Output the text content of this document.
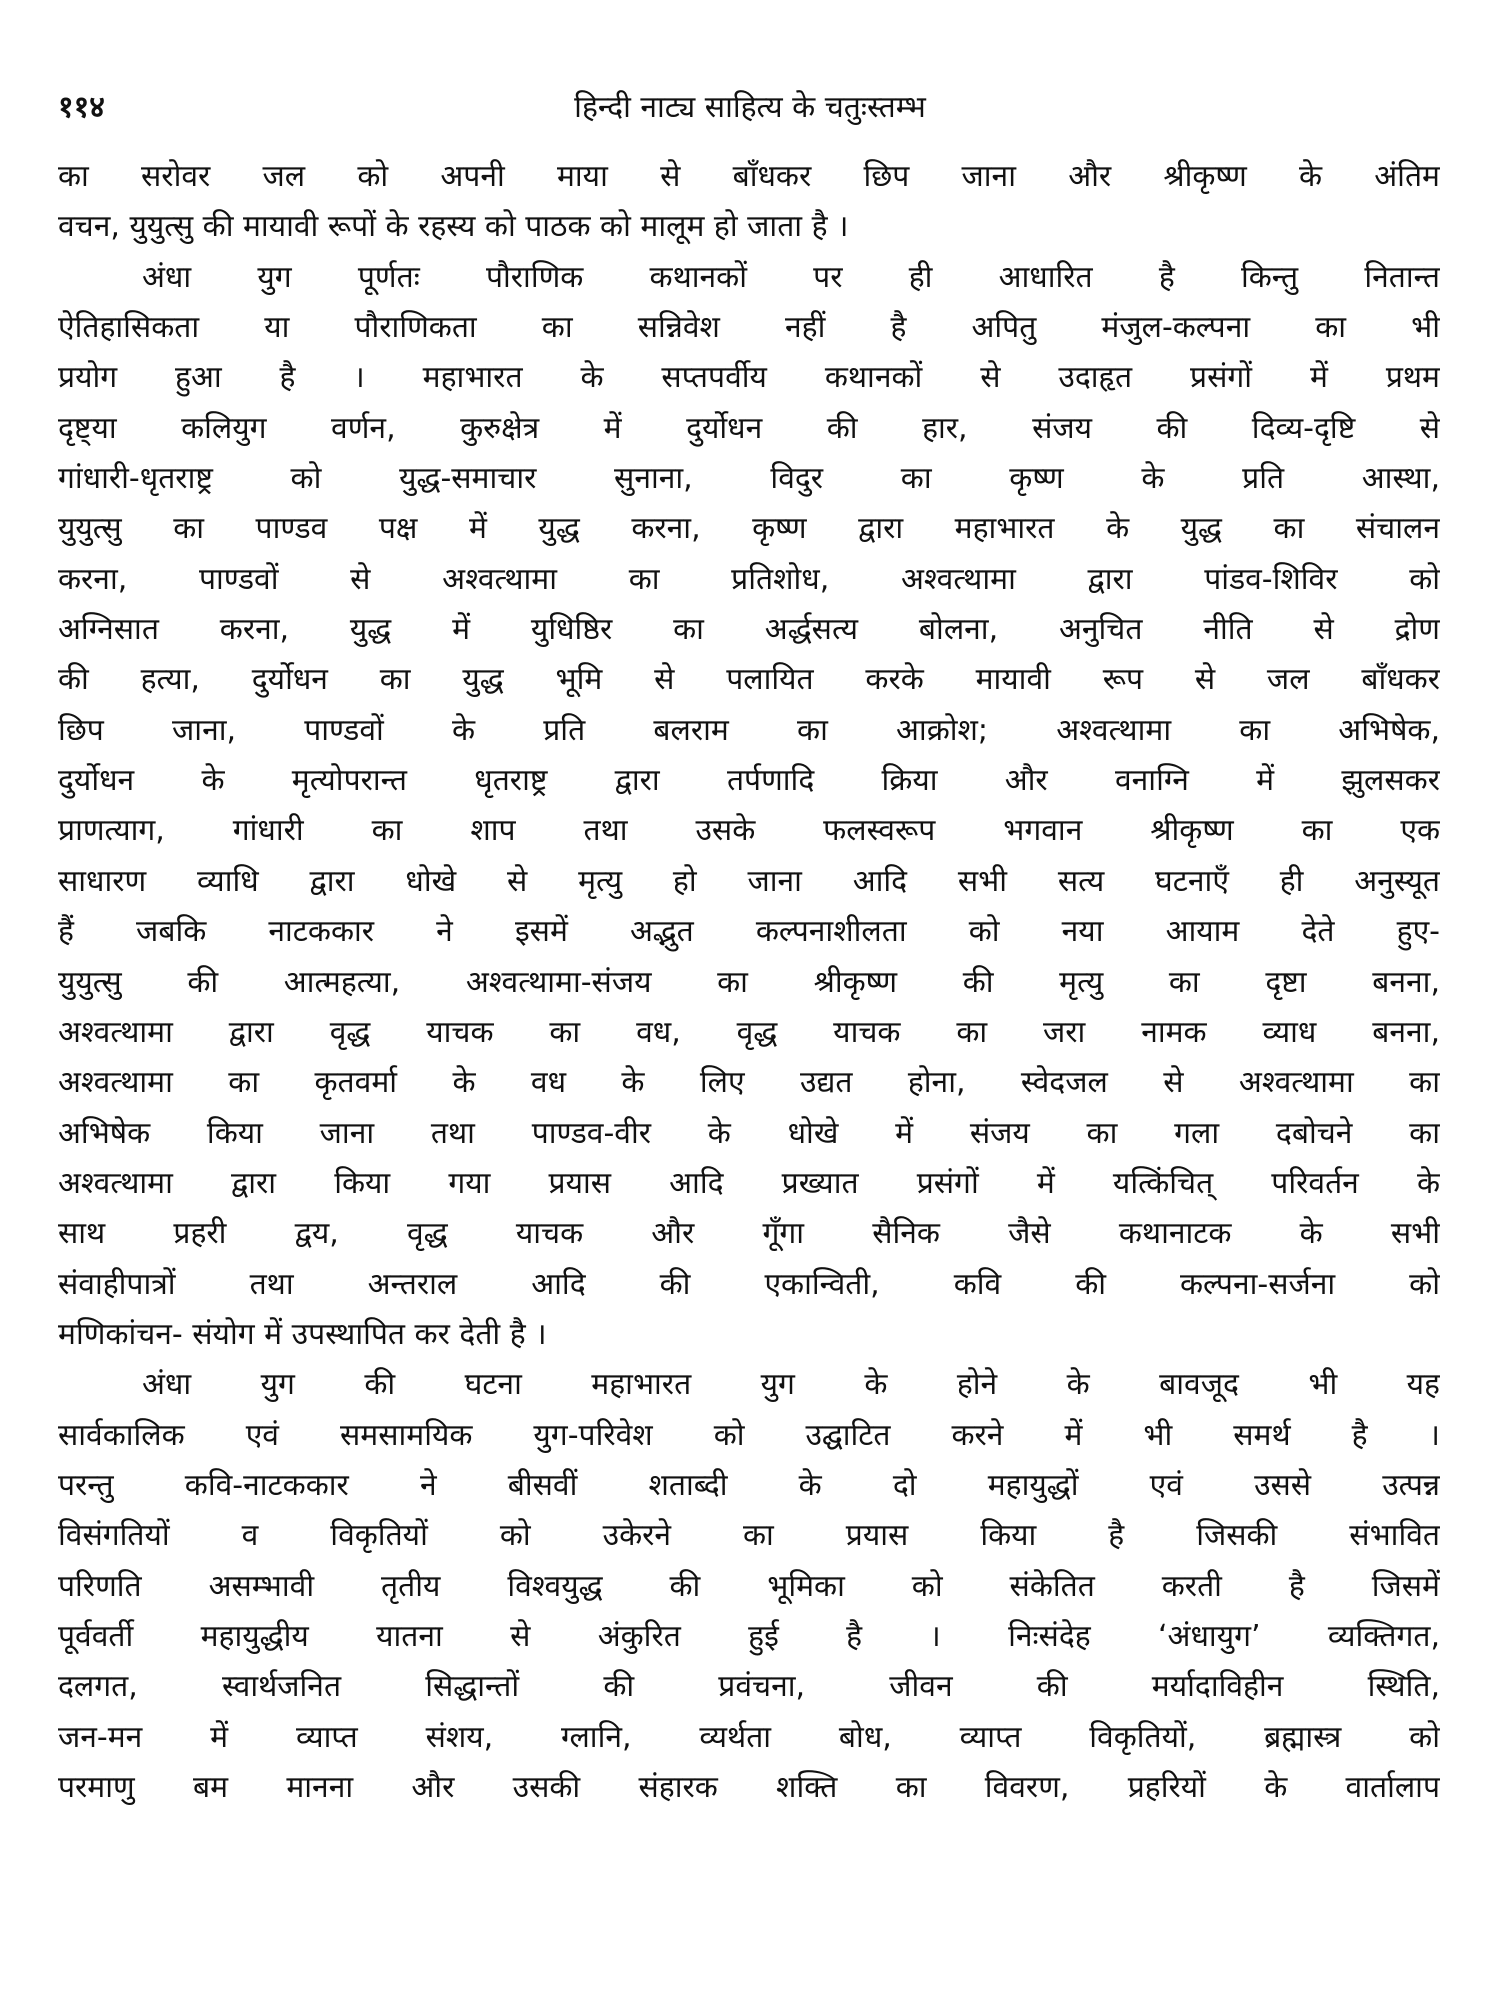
११४	हिन्दी नाट्य साहित्य के चतुःस्तम्भ
का सरोवर जल को अपनी माया से बाँधकर छिप जाना और श्रीकृष्ण के अंतिम
वचन, युयुत्सु की मायावी रूपों के रहस्य को पाठक को मालूम हो जाता है ।
अंधा युग पूर्णतः पौराणिक कथानकों पर ही आधारित है किन्तु नितान्त
ऐतिहासिकता या पौराणिकता का सन्निवेश नहीं है अपितु मंजुल-कल्पना का भी
प्रयोग हुआ है । महाभारत के सप्तपर्वीय कथानकों से उदाहृत प्रसंगों में प्रथम
दृष्ट्या कलियुग वर्णन, कुरुक्षेत्र में दुर्योधन की हार, संजय की दिव्य-दृष्टि से
गांधारी-धृतराष्ट्र को युद्ध-समाचार सुनाना, विदुर का कृष्ण के प्रति आस्था,
युयुत्सु का पाण्डव पक्ष में युद्ध करना, कृष्ण द्वारा महाभारत के युद्ध का संचालन
करना, पाण्डवों से अश्वत्थामा का प्रतिशोध, अश्वत्थामा द्वारा पांडव-शिविर को
अग्निसात करना, युद्ध में युधिष्ठिर का अर्द्धसत्य बोलना, अनुचित नीति से द्रोण
की हत्या, दुर्योधन का युद्ध भूमि से पलायित करके मायावी रूप से जल बाँधकर
छिप जाना, पाण्डवों के प्रति बलराम का आक्रोश; अश्वत्थामा का अभिषेक,
दुर्योधन के मृत्योपरान्त धृतराष्ट्र द्वारा तर्पणादि क्रिया और वनाग्नि में झुलसकर
प्राणत्याग, गांधारी का शाप तथा उसके फलस्वरूप भगवान श्रीकृष्ण का एक
साधारण व्याधि द्वारा धोखे से मृत्यु हो जाना आदि सभी सत्य घटनाएँ ही अनुस्यूत
हैं जबकि नाटककार ने इसमें अद्भुत कल्पनाशीलता को नया आयाम देते हुए-
युयुत्सु की आत्महत्या, अश्वत्थामा-संजय का श्रीकृष्ण की मृत्यु का दृष्टा बनना,
अश्वत्थामा द्वारा वृद्ध याचक का वध, वृद्ध याचक का जरा नामक व्याध बनना,
अश्वत्थामा का कृतवर्मा के वध के लिए उद्यत होना, स्वेदजल से अश्वत्थामा का
अभिषेक किया जाना तथा पाण्डव-वीर के धोखे में संजय का गला दबोचने का
अश्वत्थामा द्वारा किया गया प्रयास आदि प्रख्यात प्रसंगों में यत्किंचित् परिवर्तन के
साथ प्रहरी द्वय, वृद्ध याचक और गूँगा सैनिक जैसे कथानाटक के सभी
संवाहीपात्रों तथा अन्तराल आदि की एकान्विती, कवि की कल्पना-सर्जना को
मणिकांचन- संयोग में उपस्थापित कर देती है ।
अंधा युग की घटना महाभारत युग के होने के बावजूद भी यह
सार्वकालिक एवं समसामयिक युग-परिवेश को उद्घाटित करने में भी समर्थ है ।
परन्तु कवि-नाटककार ने बीसवीं शताब्दी के दो महायुद्धों एवं उससे उत्पन्न
विसंगतियों व विकृतियों को उकेरने का प्रयास किया है जिसकी संभावित
परिणति असम्भावी तृतीय विश्वयुद्ध की भूमिका को संकेतित करती है जिसमें
पूर्ववर्ती महायुद्धीय यातना से अंकुरित हुई है । निःसंदेह ‘अंधायुग’ व्यक्तिगत,
दलगत, स्वार्थजनित सिद्धान्तों की प्रवंचना, जीवन की मर्यादाविहीन स्थिति,
जन-मन में व्याप्त संशय, ग्लानि, व्यर्थता बोध, व्याप्त विकृतियों, ब्रह्मास्त्र को
परमाणु बम मानना और उसकी संहारक शक्ति का विवरण, प्रहरियों के वार्तालाप
